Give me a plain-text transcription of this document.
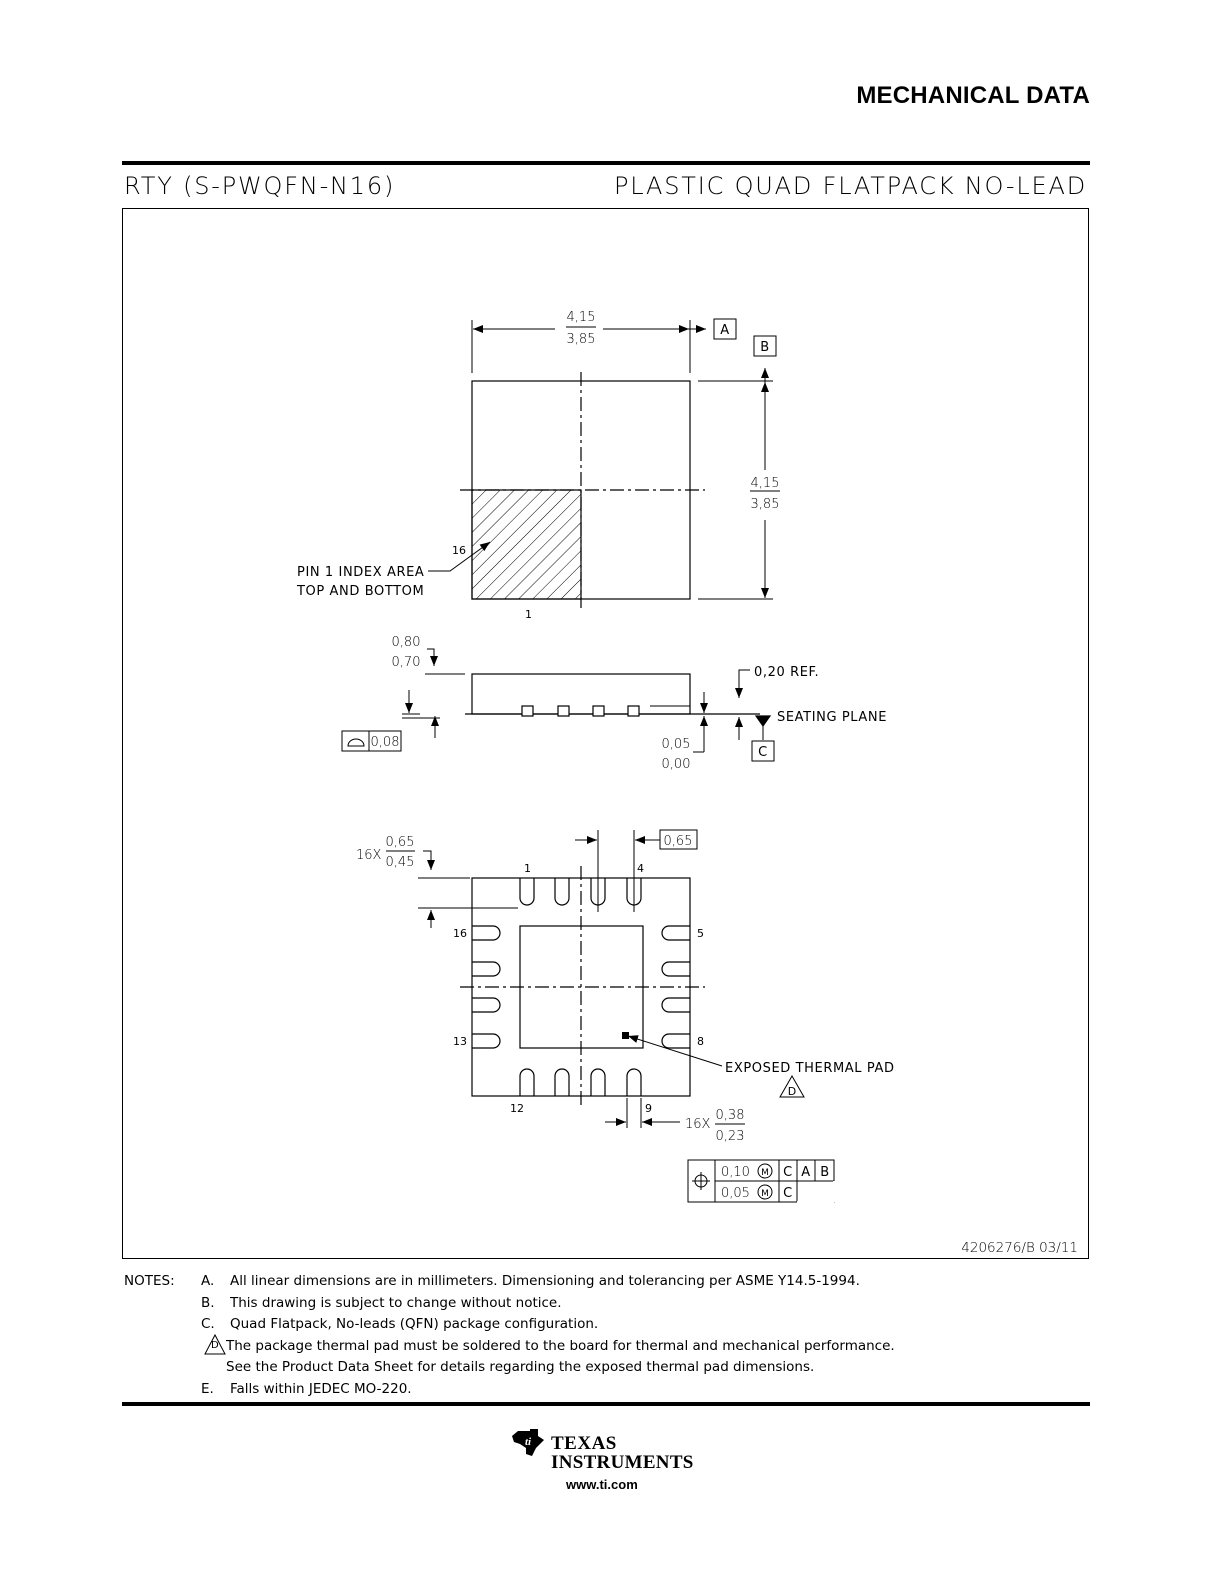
MECHANICAL DATA
RTY (S-PWQFN-N16)	PLASTIC QUAD FLATPACK NO-LEAD
4,15
3,85
A
B
4,15
3,85
PIN 1 INDEX AREA
TOP AND BOTTOM
16
1
0,80
0,70
0,20 REF.
SEATING PLANE
C
0,05
0,00
0,08
16X
0,65
0,45
0,65
1	4
5
8
9
12
13
16
EXPOSED THERMAL PAD
D
16X
0,38
0,23
0,10
0,05
M
M
C A B
C
4206276/B 03/11
NOTES: A. All linear dimensions are in millimeters. Dimensioning and tolerancing per ASME Y14.5-1994.
B. This drawing is subject to change without notice.
C. Quad Flatpack, No-leads (QFN) package configuration.
D The package thermal pad must be soldered to the board for thermal and mechanical performance.
See the Product Data Sheet for details regarding the exposed thermal pad dimensions.
E. Falls within JEDEC MO-220.
ti TEXAS
INSTRUMENTS
www.ti.com
